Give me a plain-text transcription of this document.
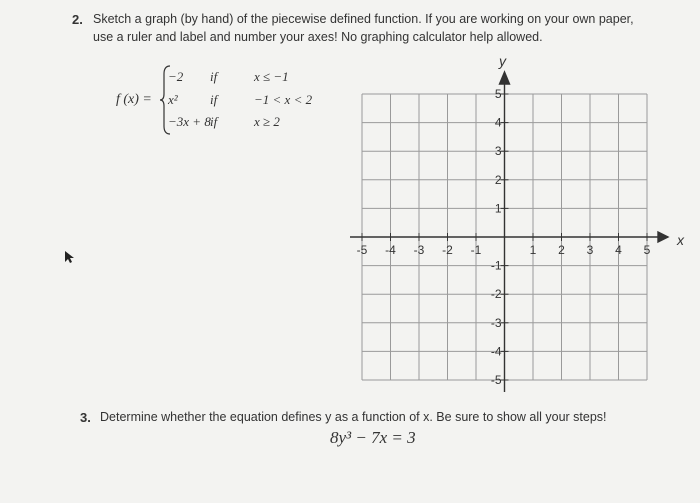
2. Sketch a graph (by hand) of the piecewise defined function. If you are working on your own paper,
use a ruler and label and number your axes! No graphing calculator help allowed.
f (x) =
−2 if	x ≤ −1
x² if	−1 < x < 2
−3x + 8 if	x ≥ 2
-5 -4 -3 -2 -1	1 2 3 4 5
5
4
3
2
1
-1
-2
-3
-4
-5
y
x
3. Determine whether the equation defines y as a function of x. Be sure to show all your steps!
8y³ − 7x = 3
